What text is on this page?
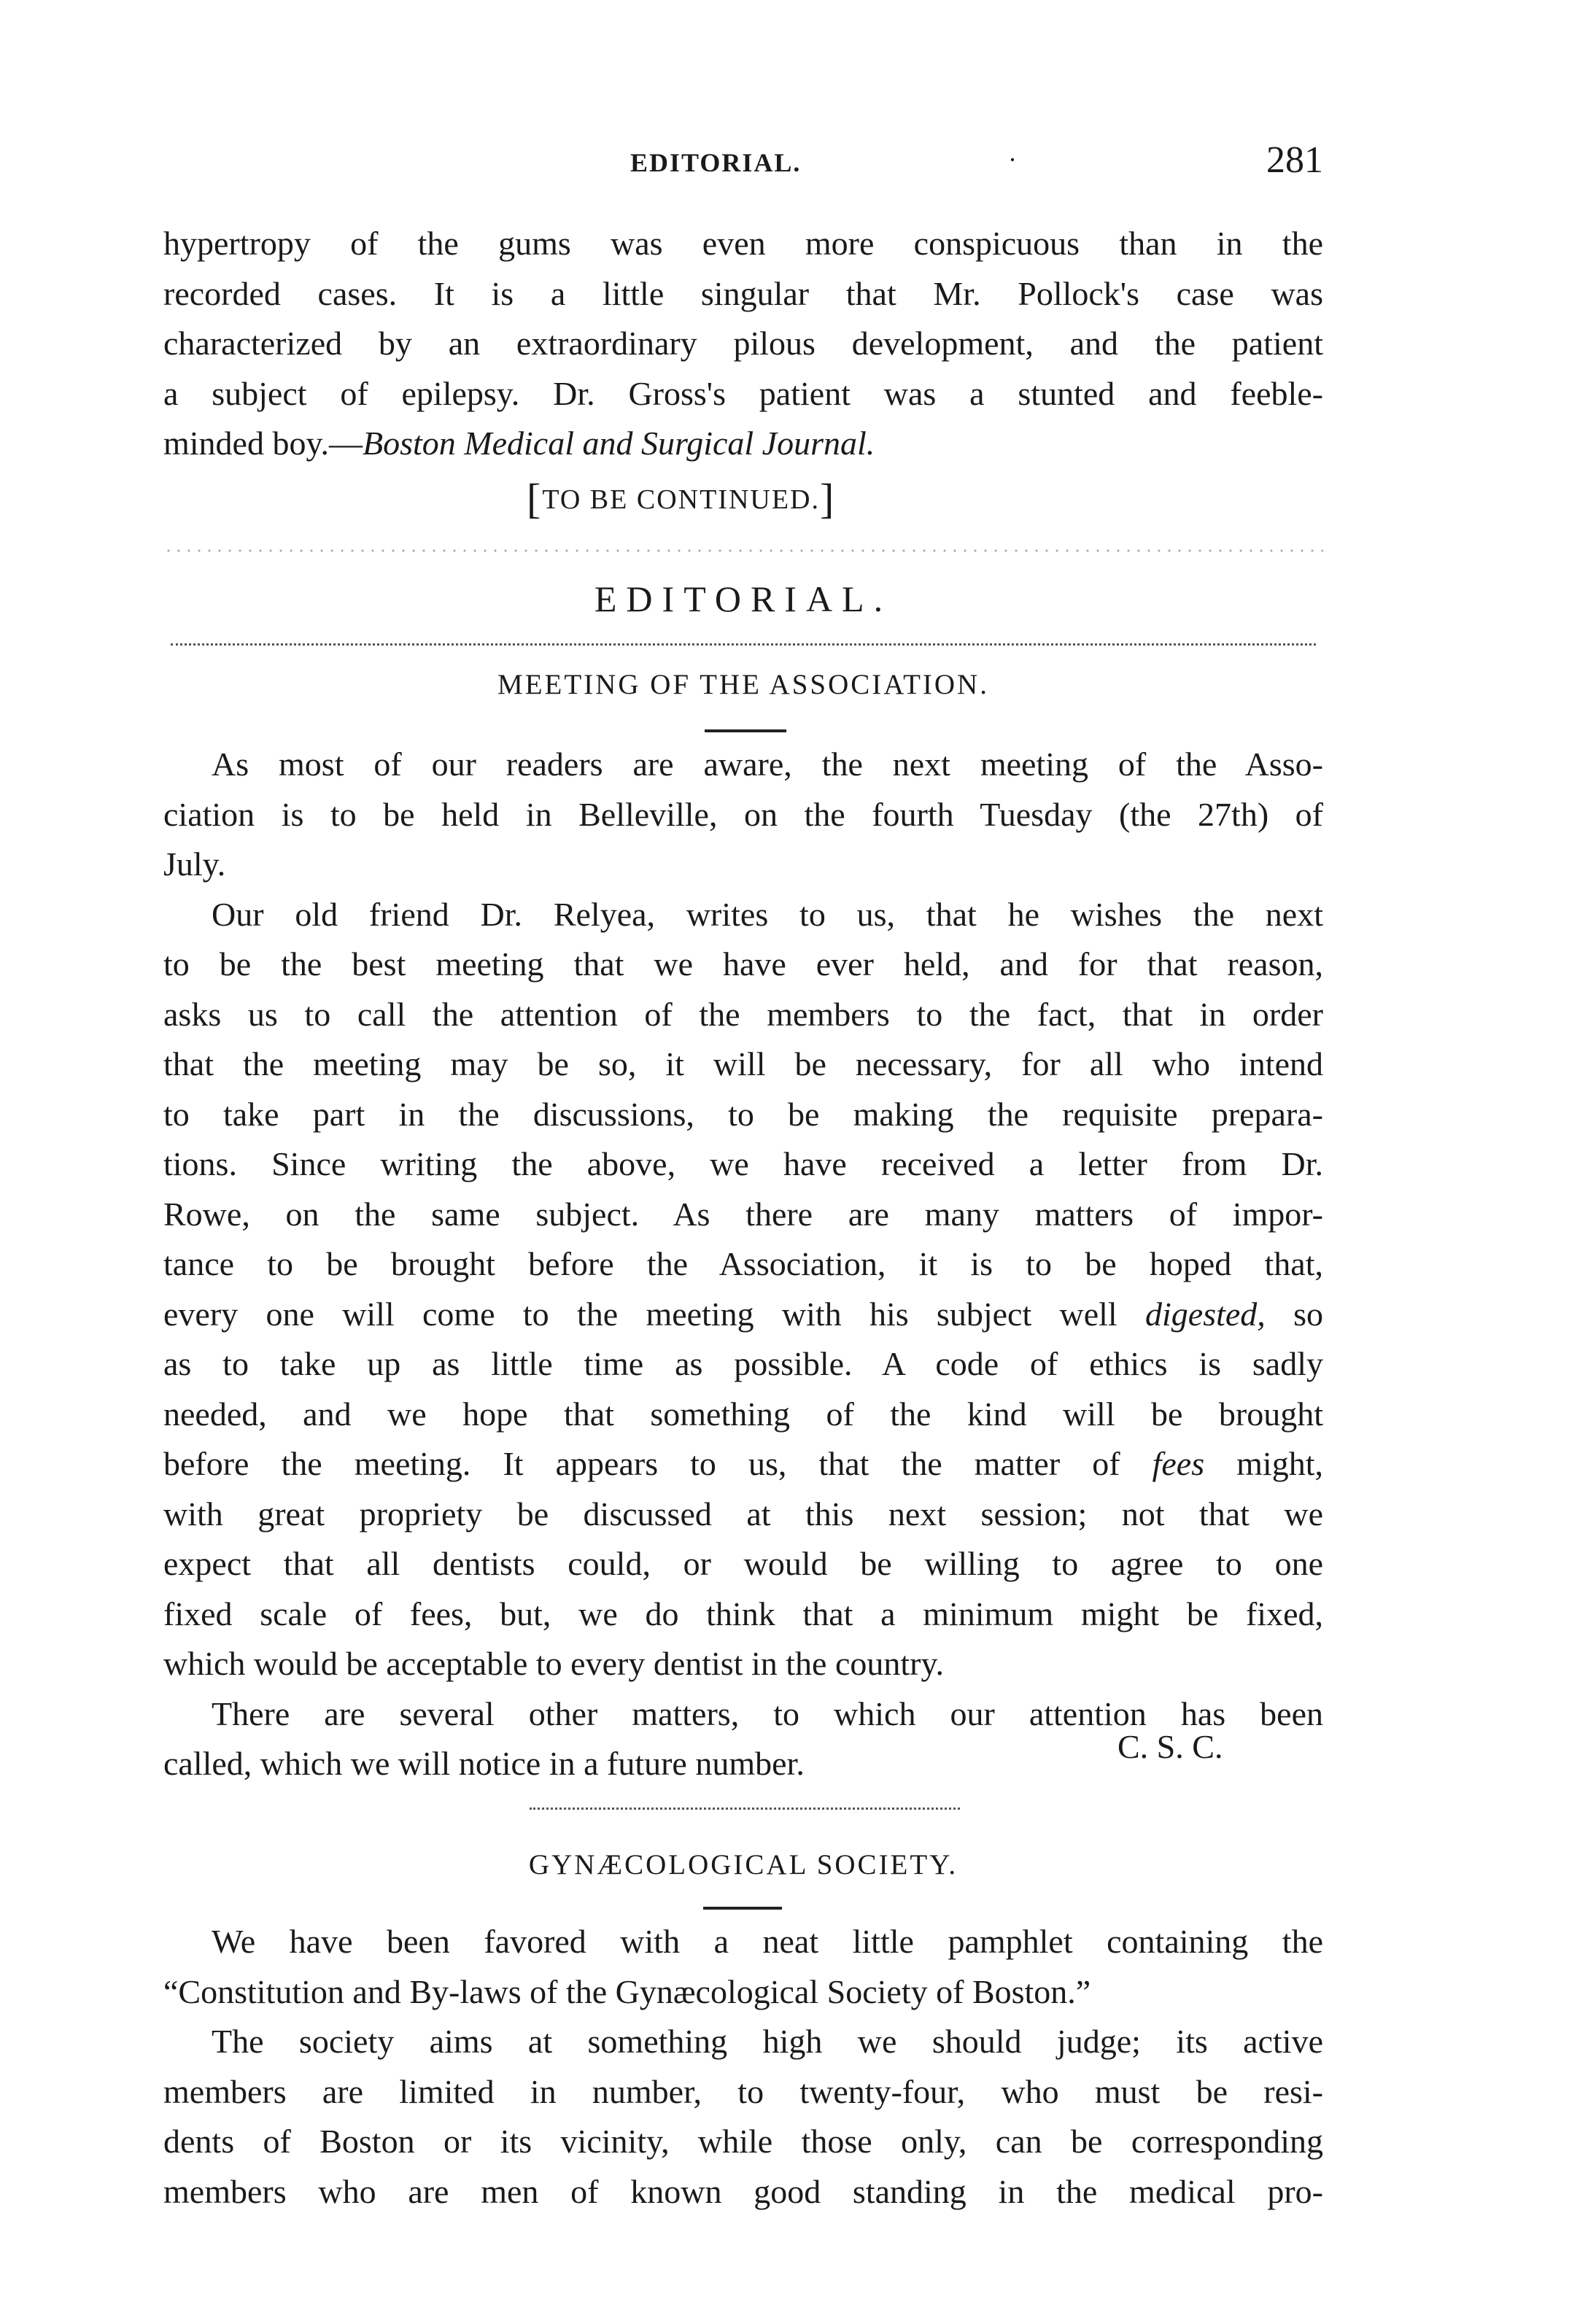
EDITORIAL.	·	281

hypertropy of the gums was even more conspicuous than in the
recorded cases. It is a little singular that Mr. Pollock's case was
characterized by an extraordinary pilous development, and the patient
a subject of epilepsy. Dr. Gross's patient was a stunted and feeble-
minded boy.—Boston Medical and Surgical Journal.

[TO BE CONTINUED.]
EDITORIAL.
MEETING OF THE ASSOCIATION.

As most of our readers are aware, the next meeting of the Asso-
ciation is to be held in Belleville, on the fourth Tuesday (the 27th) of
July.
Our old friend Dr. Relyea, writes to us, that he wishes the next
to be the best meeting that we have ever held, and for that reason,
asks us to call the attention of the members to the fact, that in order
that the meeting may be so, it will be necessary, for all who intend
to take part in the discussions, to be making the requisite prepara-
tions. Since writing the above, we have received a letter from Dr.
Rowe, on the same subject. As there are many matters of impor-
tance to be brought before the Association, it is to be hoped that,
every one will come to the meeting with his subject well digested, so
as to take up as little time as possible. A code of ethics is sadly
needed, and we hope that something of the kind will be brought
before the meeting. It appears to us, that the matter of fees might,
with great propriety be discussed at this next session; not that we
expect that all dentists could, or would be willing to agree to one
fixed scale of fees, but, we do think that a minimum might be fixed,
which would be acceptable to every dentist in the country.
There are several other matters, to which our attention has been
called, which we will notice in a future number.	C. S. C.
GYNÆCOLOGICAL SOCIETY.

We have been favored with a neat little pamphlet containing the
“Constitution and By-laws of the Gynæcological Society of Boston.”
The society aims at something high we should judge; its active
members are limited in number, to twenty-four, who must be resi-
dents of Boston or its vicinity, while those only, can be corresponding
members who are men of known good standing in the medical pro-
